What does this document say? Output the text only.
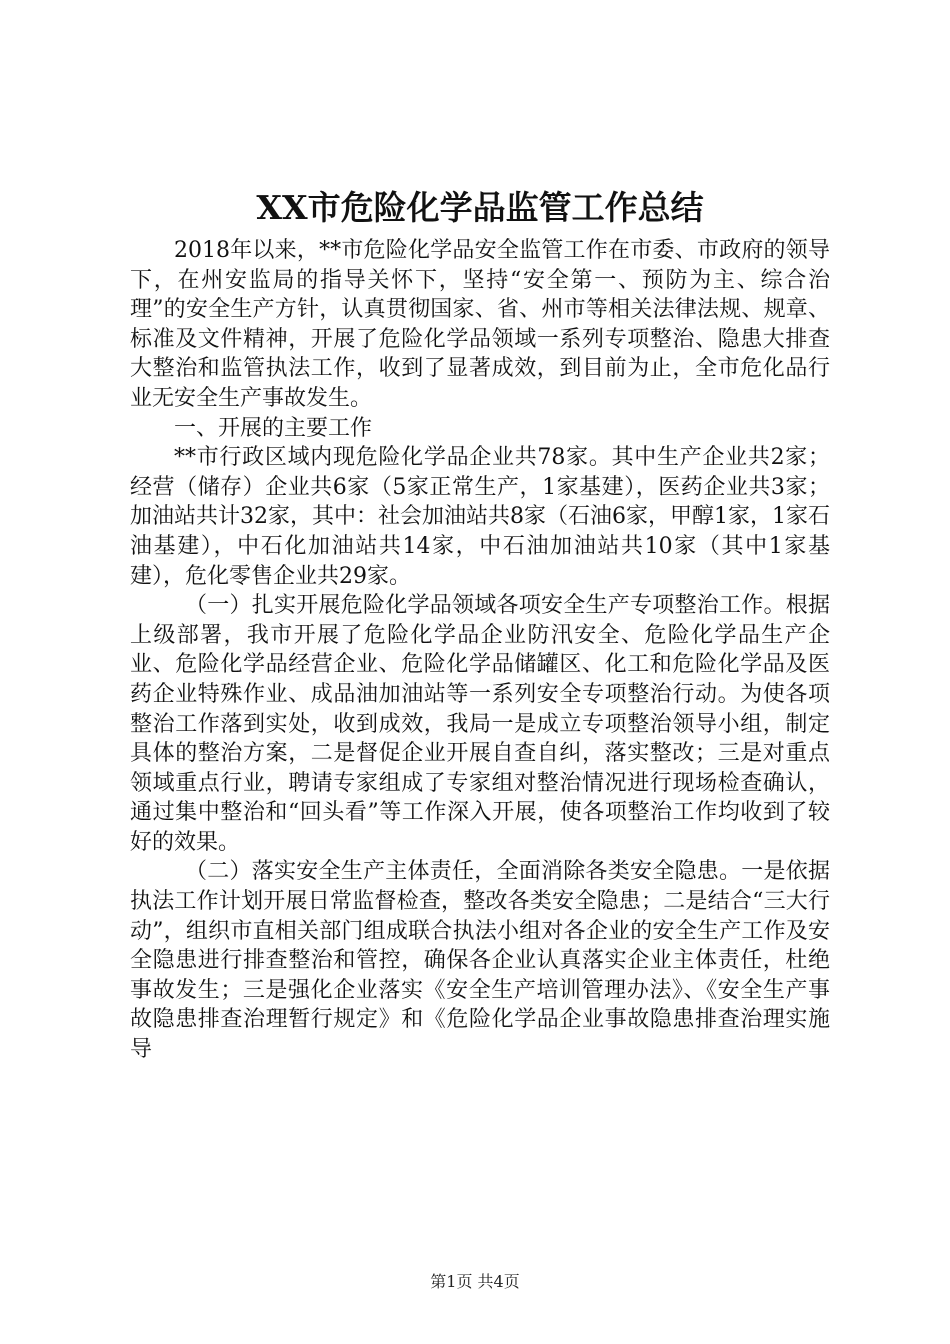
XX市危险化学品监管工作总结

2018年以来，**市危险化学品安全监管工作在市委、市政府的领导下，在州安监局的指导关怀下，坚持“安全第一、预防为主、综合治理”的安全生产方针，认真贯彻国家、省、州市等相关法律法规、规章、标准及文件精神，开展了危险化学品领域一系列专项整治、隐患大排查大整治和监管执法工作，收到了显著成效，到目前为止，全市危化品行业无安全生产事故发生。

一、开展的主要工作

**市行政区域内现危险化学品企业共78家。其中生产企业共2家；经营（储存）企业共6家（5家正常生产，1家基建），医药企业共3家；加油站共计32家，其中：社会加油站共8家（石油6家，甲醇1家，1家石油基建），中石化加油站共14家，中石油加油站共10家（其中1家基建），危化零售企业共29家。

（一）扎实开展危险化学品领域各项安全生产专项整治工作。根据上级部署，我市开展了危险化学品企业防汛安全、危险化学品生产企业、危险化学品经营企业、危险化学品储罐区、化工和危险化学品及医药企业特殊作业、成品油加油站等一系列安全专项整治行动。为使各项整治工作落到实处，收到成效，我局一是成立专项整治领导小组，制定具体的整治方案，二是督促企业开展自查自纠，落实整改；三是对重点领域重点行业，聘请专家组成了专家组对整治情况进行现场检查确认，通过集中整治和“回头看”等工作深入开展，使各项整治工作均收到了较好的效果。

（二）落实安全生产主体责任，全面消除各类安全隐患。一是依据执法工作计划开展日常监督检查，整改各类安全隐患；二是结合“三大行动”，组织市直相关部门组成联合执法小组对各企业的安全生产工作及安全隐患进行排查整治和管控，确保各企业认真落实企业主体责任，杜绝事故发生；三是强化企业落实《安全生产培训管理办法》、《安全生产事故隐患排查治理暂行规定》和《危险化学品企业事故隐患排查治理实施导

第1页 共4页
